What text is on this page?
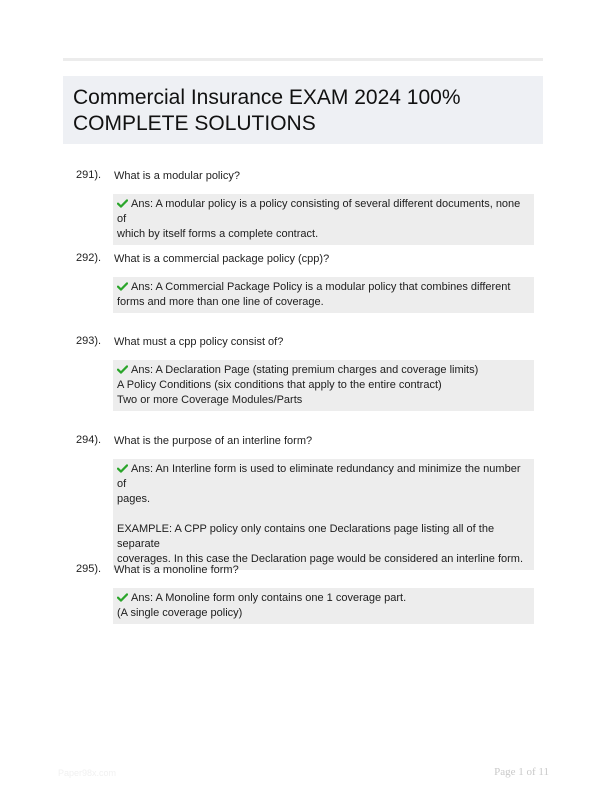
Commercial Insurance EXAM 2024 100% COMPLETE SOLUTIONS
291). What is a modular policy?
Ans: A modular policy is a policy consisting of several different documents, none of
which by itself forms a complete contract.
292). What is a commercial package policy (cpp)?
Ans: A Commercial Package Policy is a modular policy that combines different
forms and more than one line of coverage.
293). What must a cpp policy consist of?
Ans: A Declaration Page (stating premium charges and coverage limits)
A Policy Conditions (six conditions that apply to the entire contract)
Two or more Coverage Modules/Parts
294). What is the purpose of an interline form?
Ans: An Interline form is used to eliminate redundancy and minimize the number of
pages.
EXAMPLE: A CPP policy only contains one Declarations page listing all of the separate
coverages. In this case the Declaration page would be considered an interline form.
295). What is a monoline form?
Ans: A Monoline form only contains one 1 coverage part.
(A single coverage policy)
Paper98x.com	Page 1 of 11
